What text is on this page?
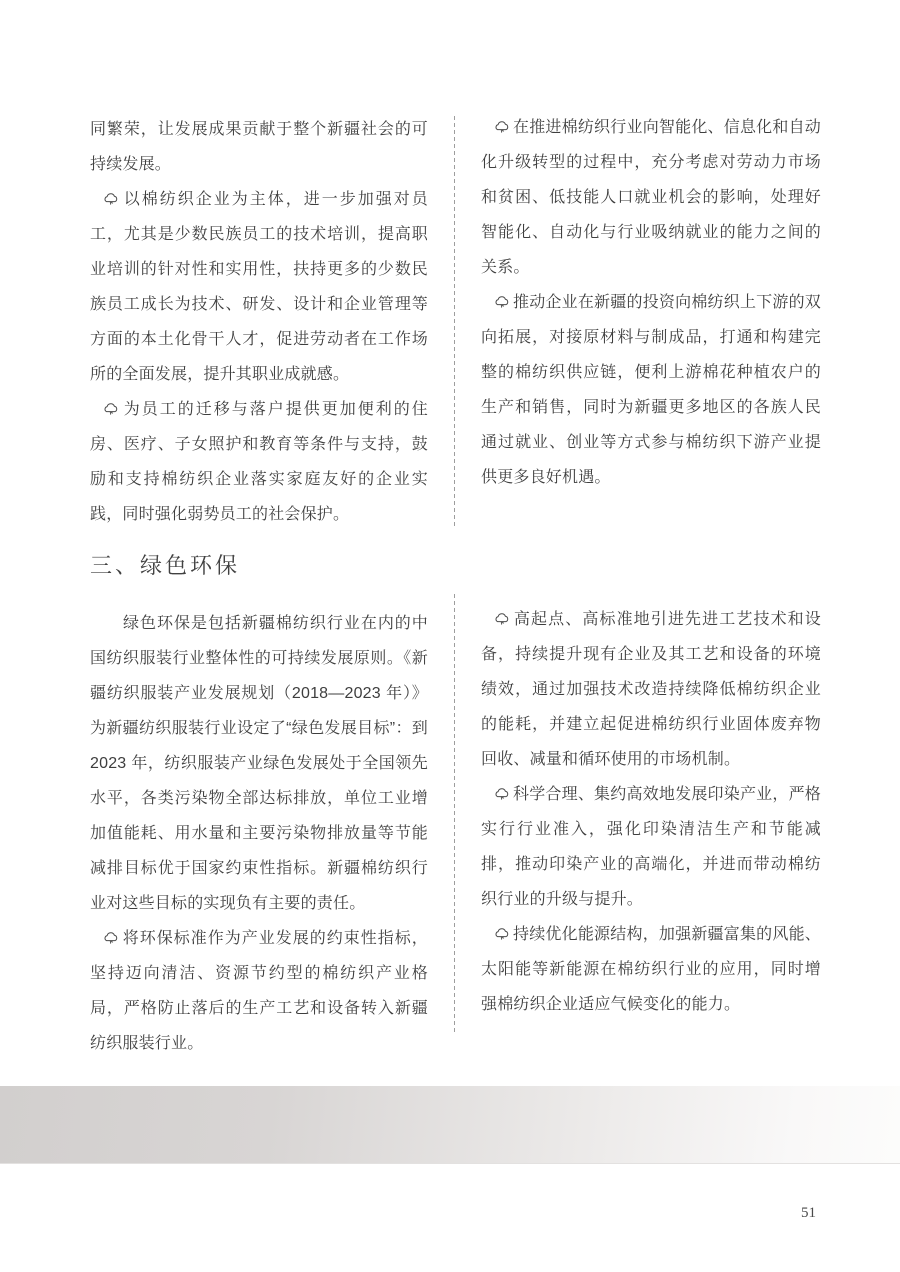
同繁荣，让发展成果贡献于整个新疆社会的可持续发展。

以棉纺织企业为主体，进一步加强对员工，尤其是少数民族员工的技术培训，提高职业培训的针对性和实用性，扶持更多的少数民族员工成长为技术、研发、设计和企业管理等方面的本土化骨干人才，促进劳动者在工作场所的全面发展，提升其职业成就感。

为员工的迁移与落户提供更加便利的住房、医疗、子女照护和教育等条件与支持，鼓励和支持棉纺织企业落实家庭友好的企业实践，同时强化弱势员工的社会保护。

在推进棉纺织行业向智能化、信息化和自动化升级转型的过程中，充分考虑对劳动力市场和贫困、低技能人口就业机会的影响，处理好智能化、自动化与行业吸纳就业的能力之间的关系。

推动企业在新疆的投资向棉纺织上下游的双向拓展，对接原材料与制成品，打通和构建完整的棉纺织供应链，便利上游棉花种植农户的生产和销售，同时为新疆更多地区的各族人民通过就业、创业等方式参与棉纺织下游产业提供更多良好机遇。

三、绿色环保

绿色环保是包括新疆棉纺织行业在内的中国纺织服装行业整体性的可持续发展原则。《新疆纺织服装产业发展规划（2018—2023 年）》为新疆纺织服装行业设定了“绿色发展目标”：到 2023 年，纺织服装产业绿色发展处于全国领先水平，各类污染物全部达标排放，单位工业增加值能耗、用水量和主要污染物排放量等节能减排目标优于国家约束性指标。新疆棉纺织行业对这些目标的实现负有主要的责任。

将环保标准作为产业发展的约束性指标，坚持迈向清洁、资源节约型的棉纺织产业格局，严格防止落后的生产工艺和设备转入新疆纺织服装行业。

高起点、高标准地引进先进工艺技术和设备，持续提升现有企业及其工艺和设备的环境绩效，通过加强技术改造持续降低棉纺织企业的能耗，并建立起促进棉纺织行业固体废弃物回收、减量和循环使用的市场机制。

科学合理、集约高效地发展印染产业，严格实行行业准入，强化印染清洁生产和节能减排，推动印染产业的高端化，并进而带动棉纺织行业的升级与提升。

持续优化能源结构，加强新疆富集的风能、太阳能等新能源在棉纺织行业的应用，同时增强棉纺织企业适应气候变化的能力。

51
